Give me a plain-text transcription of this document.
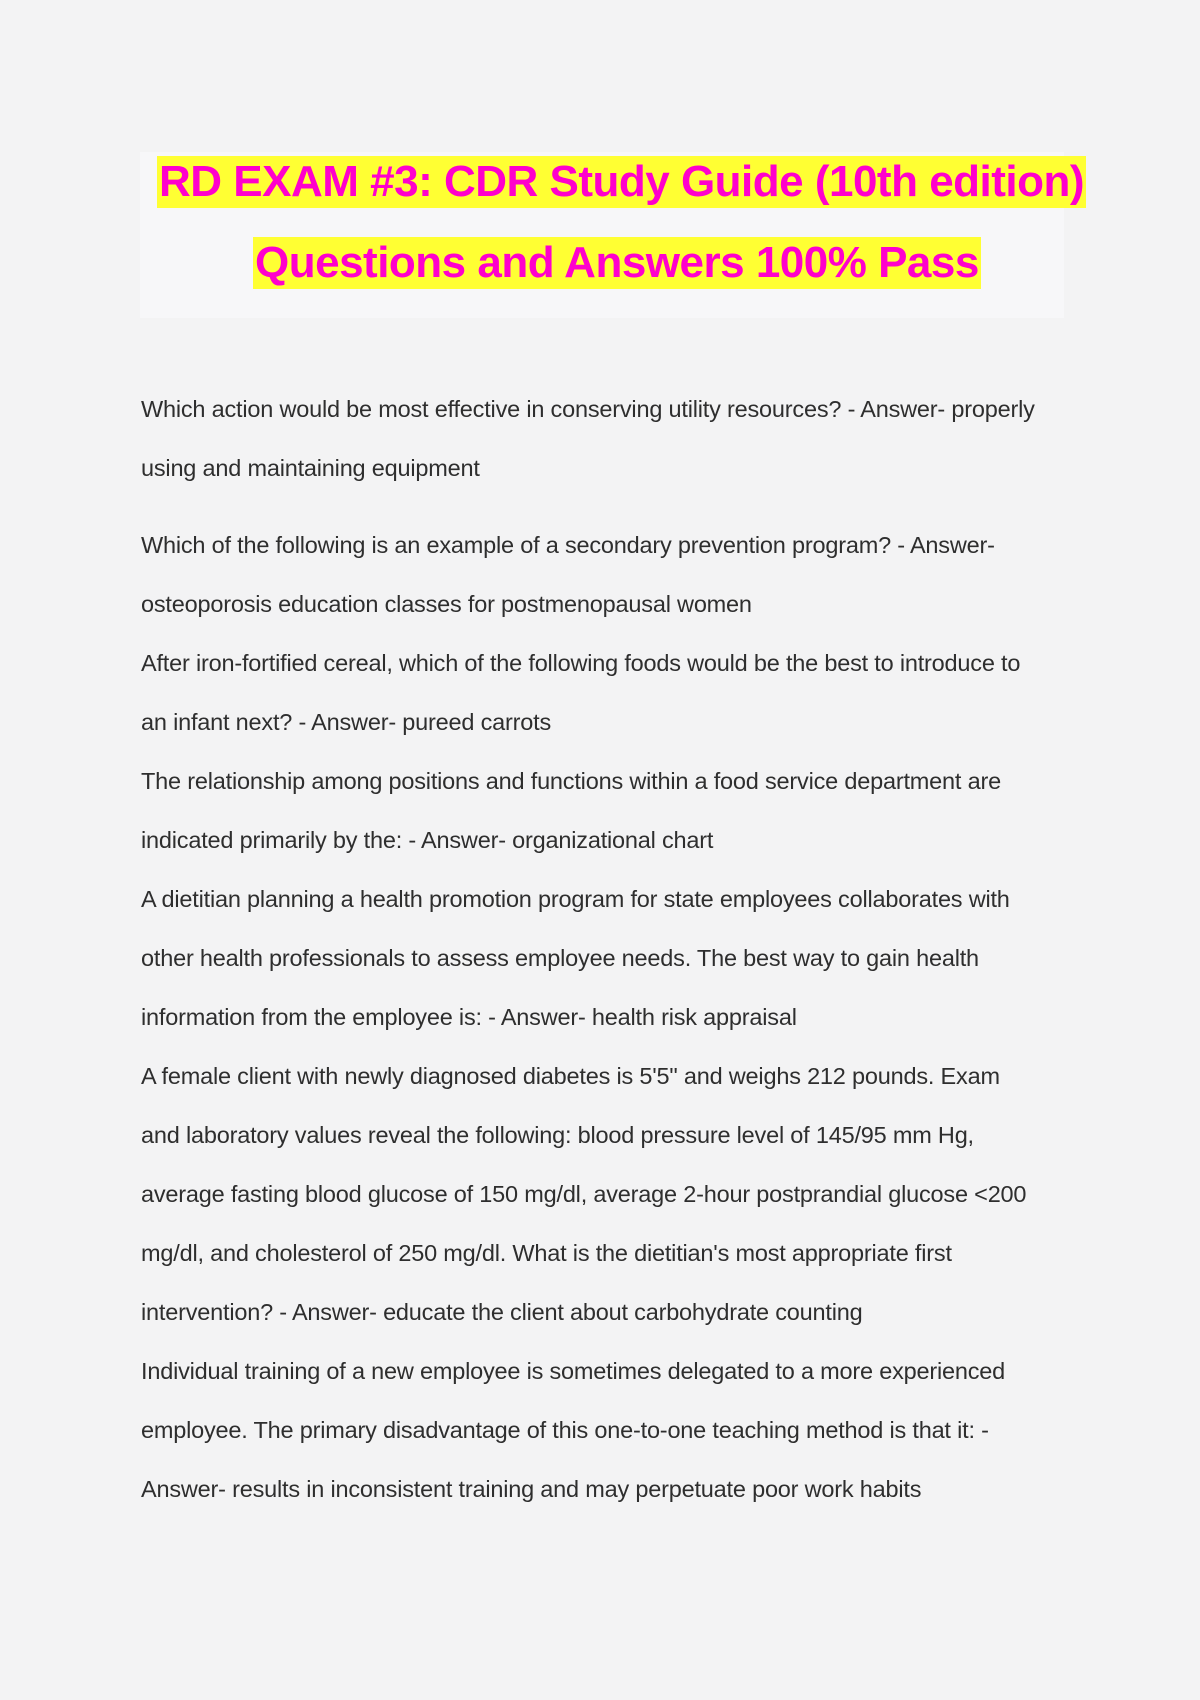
RD EXAM #3: CDR Study Guide (10th edition)
Questions and Answers 100% Pass
Which action would be most effective in conserving utility resources? - Answer- properly
using and maintaining equipment
Which of the following is an example of a secondary prevention program? - Answer-
osteoporosis education classes for postmenopausal women
After iron-fortified cereal, which of the following foods would be the best to introduce to
an infant next? - Answer- pureed carrots
The relationship among positions and functions within a food service department are
indicated primarily by the: - Answer- organizational chart
A dietitian planning a health promotion program for state employees collaborates with
other health professionals to assess employee needs. The best way to gain health
information from the employee is: - Answer- health risk appraisal
A female client with newly diagnosed diabetes is 5'5" and weighs 212 pounds. Exam
and laboratory values reveal the following: blood pressure level of 145/95 mm Hg,
average fasting blood glucose of 150 mg/dl, average 2-hour postprandial glucose <200
mg/dl, and cholesterol of 250 mg/dl. What is the dietitian's most appropriate first
intervention? - Answer- educate the client about carbohydrate counting
Individual training of a new employee is sometimes delegated to a more experienced
employee. The primary disadvantage of this one-to-one teaching method is that it: -
Answer- results in inconsistent training and may perpetuate poor work habits
